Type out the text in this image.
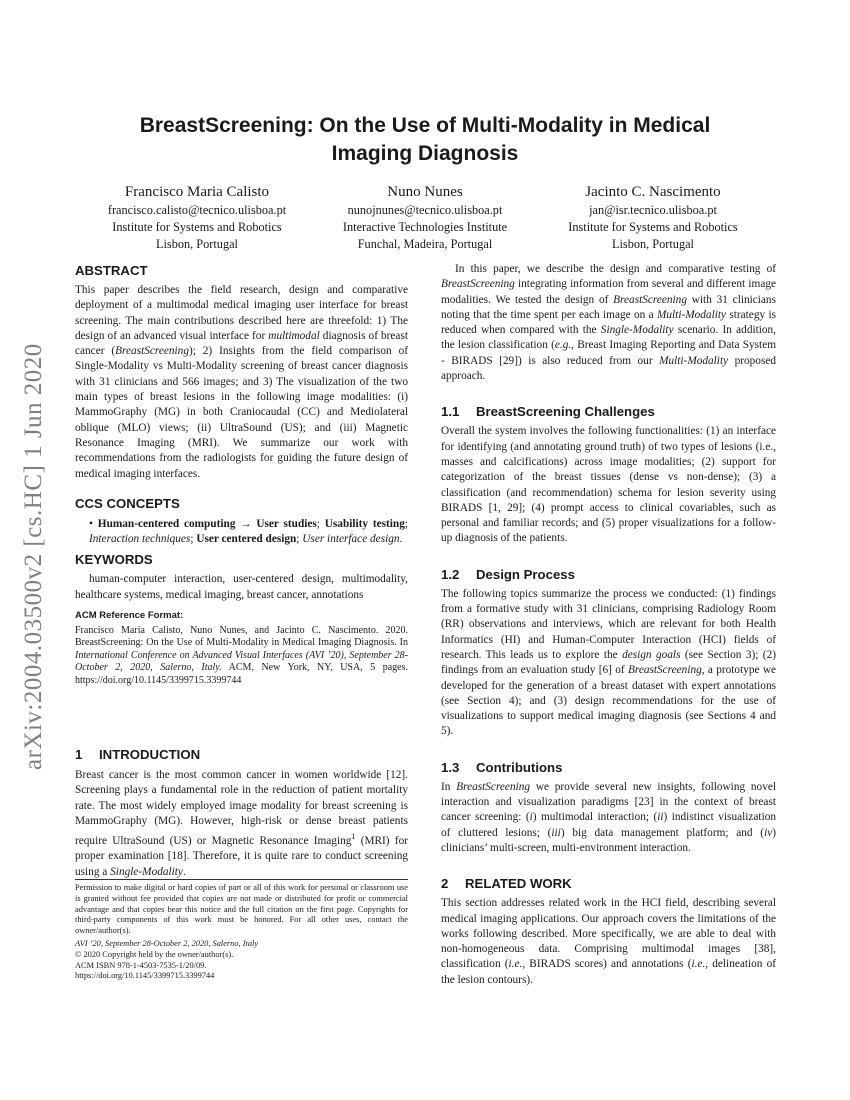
arXiv:2004.03500v2 [cs.HC] 1 Jun 2020
BreastScreening: On the Use of Multi-Modality in Medical
Imaging Diagnosis
Francisco Maria Calisto
francisco.calisto@tecnico.ulisboa.pt
Institute for Systems and Robotics
Lisbon, Portugal
Nuno Nunes
nunojnunes@tecnico.ulisboa.pt
Interactive Technologies Institute
Funchal, Madeira, Portugal
Jacinto C. Nascimento
jan@isr.tecnico.ulisboa.pt
Institute for Systems and Robotics
Lisbon, Portugal
ABSTRACT

This paper describes the field research, design and comparative deployment of a multimodal medical imaging user interface for breast screening. The main contributions described here are threefold: 1) The design of an advanced visual interface for multimodal diagnosis of breast cancer (BreastScreening); 2) Insights from the field comparison of Single-Modality vs Multi-Modality screening of breast cancer diagnosis with 31 clinicians and 566 images; and 3) The visualization of the two main types of breast lesions in the following image modalities: (i) MammoGraphy (MG) in both Craniocaudal (CC) and Mediolateral oblique (MLO) views; (ii) UltraSound (US); and (iii) Magnetic Resonance Imaging (MRI). We summarize our work with recommendations from the radiologists for guiding the future design of medical imaging interfaces.

CCS CONCEPTS

• Human-centered computing → User studies; Usability testing; Interaction techniques; User centered design; User interface design.

KEYWORDS

human-computer interaction, user-centered design, multimodality, healthcare systems, medical imaging, breast cancer, annotations

ACM Reference Format:

Francisco Maria Calisto, Nuno Nunes, and Jacinto C. Nascimento. 2020. BreastScreening: On the Use of Multi-Modality in Medical Imaging Diagnosis. In International Conference on Advanced Visual Interfaces (AVI ’20), September 28-October 2, 2020, Salerno, Italy. ACM, New York, NY, USA, 5 pages. https://doi.org/10.1145/3399715.3399744

1 INTRODUCTION

Breast cancer is the most common cancer in women worldwide [12]. Screening plays a fundamental role in the reduction of patient mortality rate. The most widely employed image modality for breast screening is MammoGraphy (MG). However, high-risk or dense breast patients require UltraSound (US) or Magnetic Resonance Imaging$^1$ (MRI) for proper examination [18]. Therefore, it is quite rare to conduct screening using a Single-Modality.

Permission to make digital or hard copies of part or all of this work for personal or classroom use is granted without fee provided that copies are not made or distributed for profit or commercial advantage and that copies bear this notice and the full citation on the first page. Copyrights for third-party components of this work must be honored. For all other uses, contact the owner/author(s).

AVI ’20, September 28-October 2, 2020, Salerno, Italy
© 2020 Copyright held by the owner/author(s).
ACM ISBN 978-1-4503-7535-1/20/09.
https://doi.org/10.1145/3399715.3399744

In this paper, we describe the design and comparative testing of BreastScreening integrating information from several and different image modalities. We tested the design of BreastScreening with 31 clinicians noting that the time spent per each image on a Multi-Modality strategy is reduced when compared with the Single-Modality scenario. In addition, the lesion classification (e.g., Breast Imaging Reporting and Data System - BIRADS [29]) is also reduced from our Multi-Modality proposed approach.

1.1 BreastScreening Challenges

Overall the system involves the following functionalities: (1) an interface for identifying (and annotating ground truth) of two types of lesions (i.e., masses and calcifications) across image modalities; (2) support for categorization of the breast tissues (dense vs non-dense); (3) a classification (and recommendation) schema for lesion severity using BIRADS [1, 29]; (4) prompt access to clinical covariables, such as personal and familiar records; and (5) proper visualizations for a follow-up diagnosis of the patients.

1.2 Design Process

The following topics summarize the process we conducted: (1) findings from a formative study with 31 clinicians, comprising Radiology Room (RR) observations and interviews, which are relevant for both Health Informatics (HI) and Human-Computer Interaction (HCI) fields of research. This leads us to explore the design goals (see Section 3); (2) findings from an evaluation study [6] of BreastScreening, a prototype we developed for the generation of a breast dataset with expert annotations (see Section 4); and (3) design recommendations for the use of visualizations to support medical imaging diagnosis (see Sections 4 and 5).

1.3 Contributions

In BreastScreening we provide several new insights, following novel interaction and visualization paradigms [23] in the context of breast cancer screening: (i) multimodal interaction; (ii) indistinct visualization of cluttered lesions; (iii) big data management platform; and (iv) clinicians’ multi-screen, multi-environment interaction.

2 RELATED WORK

This section addresses related work in the HCI field, describing several medical imaging applications. Our approach covers the limitations of the works following described. More specifically, we are able to deal with non-homogeneous data. Comprising multimodal images [38], classification (i.e., BIRADS scores) and annotations (i.e., delineation of the lesion contours).
